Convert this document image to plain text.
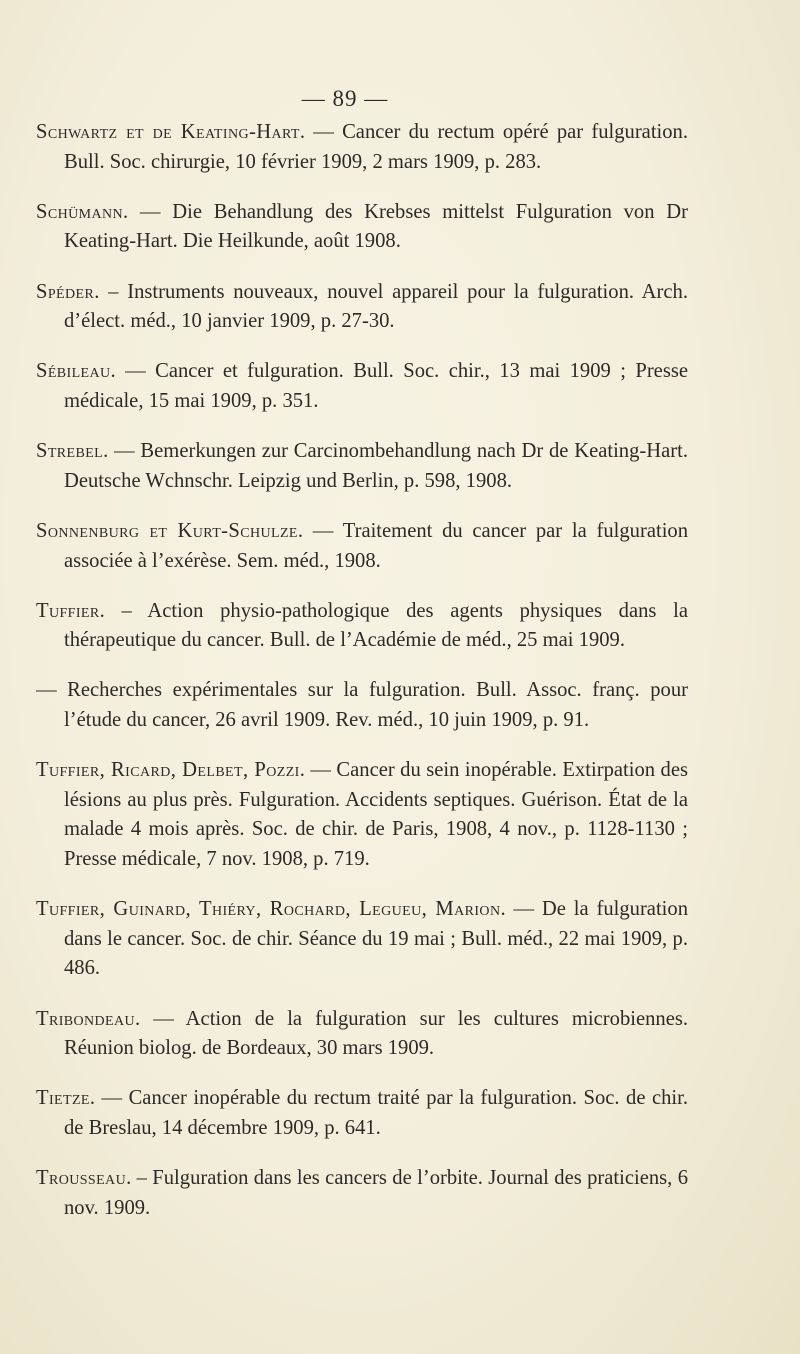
— 89 —

Schwartz et de Keating-Hart. — Cancer du rectum opéré par fulguration. Bull. Soc. chirurgie, 10 février 1909, 2 mars 1909, p. 283.

Schümann. — Die Behandlung des Krebses mittelst Fulguration von Dr Keating-Hart. Die Heilkunde, août 1908.

Spéder. – Instruments nouveaux, nouvel appareil pour la fulguration. Arch. d’élect. méd., 10 janvier 1909, p. 27-30.

Sébileau. — Cancer et fulguration. Bull. Soc. chir., 13 mai 1909 ; Presse médicale, 15 mai 1909, p. 351.

Strebel. — Bemerkungen zur Carcinombehandlung nach Dr de Keating-Hart. Deutsche Wchnschr. Leipzig und Berlin, p. 598, 1908.

Sonnenburg et Kurt-Schulze. — Traitement du cancer par la fulguration associée à l’exérèse. Sem. méd., 1908.

Tuffier. – Action physio-pathologique des agents physiques dans la thérapeutique du cancer. Bull. de l’Académie de méd., 25 mai 1909.

— Recherches expérimentales sur la fulguration. Bull. Assoc. franç. pour l’étude du cancer, 26 avril 1909. Rev. méd., 10 juin 1909, p. 91.

Tuffier, Ricard, Delbet, Pozzi. — Cancer du sein inopérable. Extirpation des lésions au plus près. Fulguration. Accidents septiques. Guérison. État de la malade 4 mois après. Soc. de chir. de Paris, 1908, 4 nov., p. 1128-1130 ; Presse médicale, 7 nov. 1908, p. 719.

Tuffier, Guinard, Thiéry, Rochard, Legueu, Marion. — De la fulguration dans le cancer. Soc. de chir. Séance du 19 mai ; Bull. méd., 22 mai 1909, p. 486.

Tribondeau. — Action de la fulguration sur les cultures microbiennes. Réunion biolog. de Bordeaux, 30 mars 1909.

Tietze. — Cancer inopérable du rectum traité par la fulguration. Soc. de chir. de Breslau, 14 décembre 1909, p. 641.

Trousseau. – Fulguration dans les cancers de l’orbite. Journal des praticiens, 6 nov. 1909.
